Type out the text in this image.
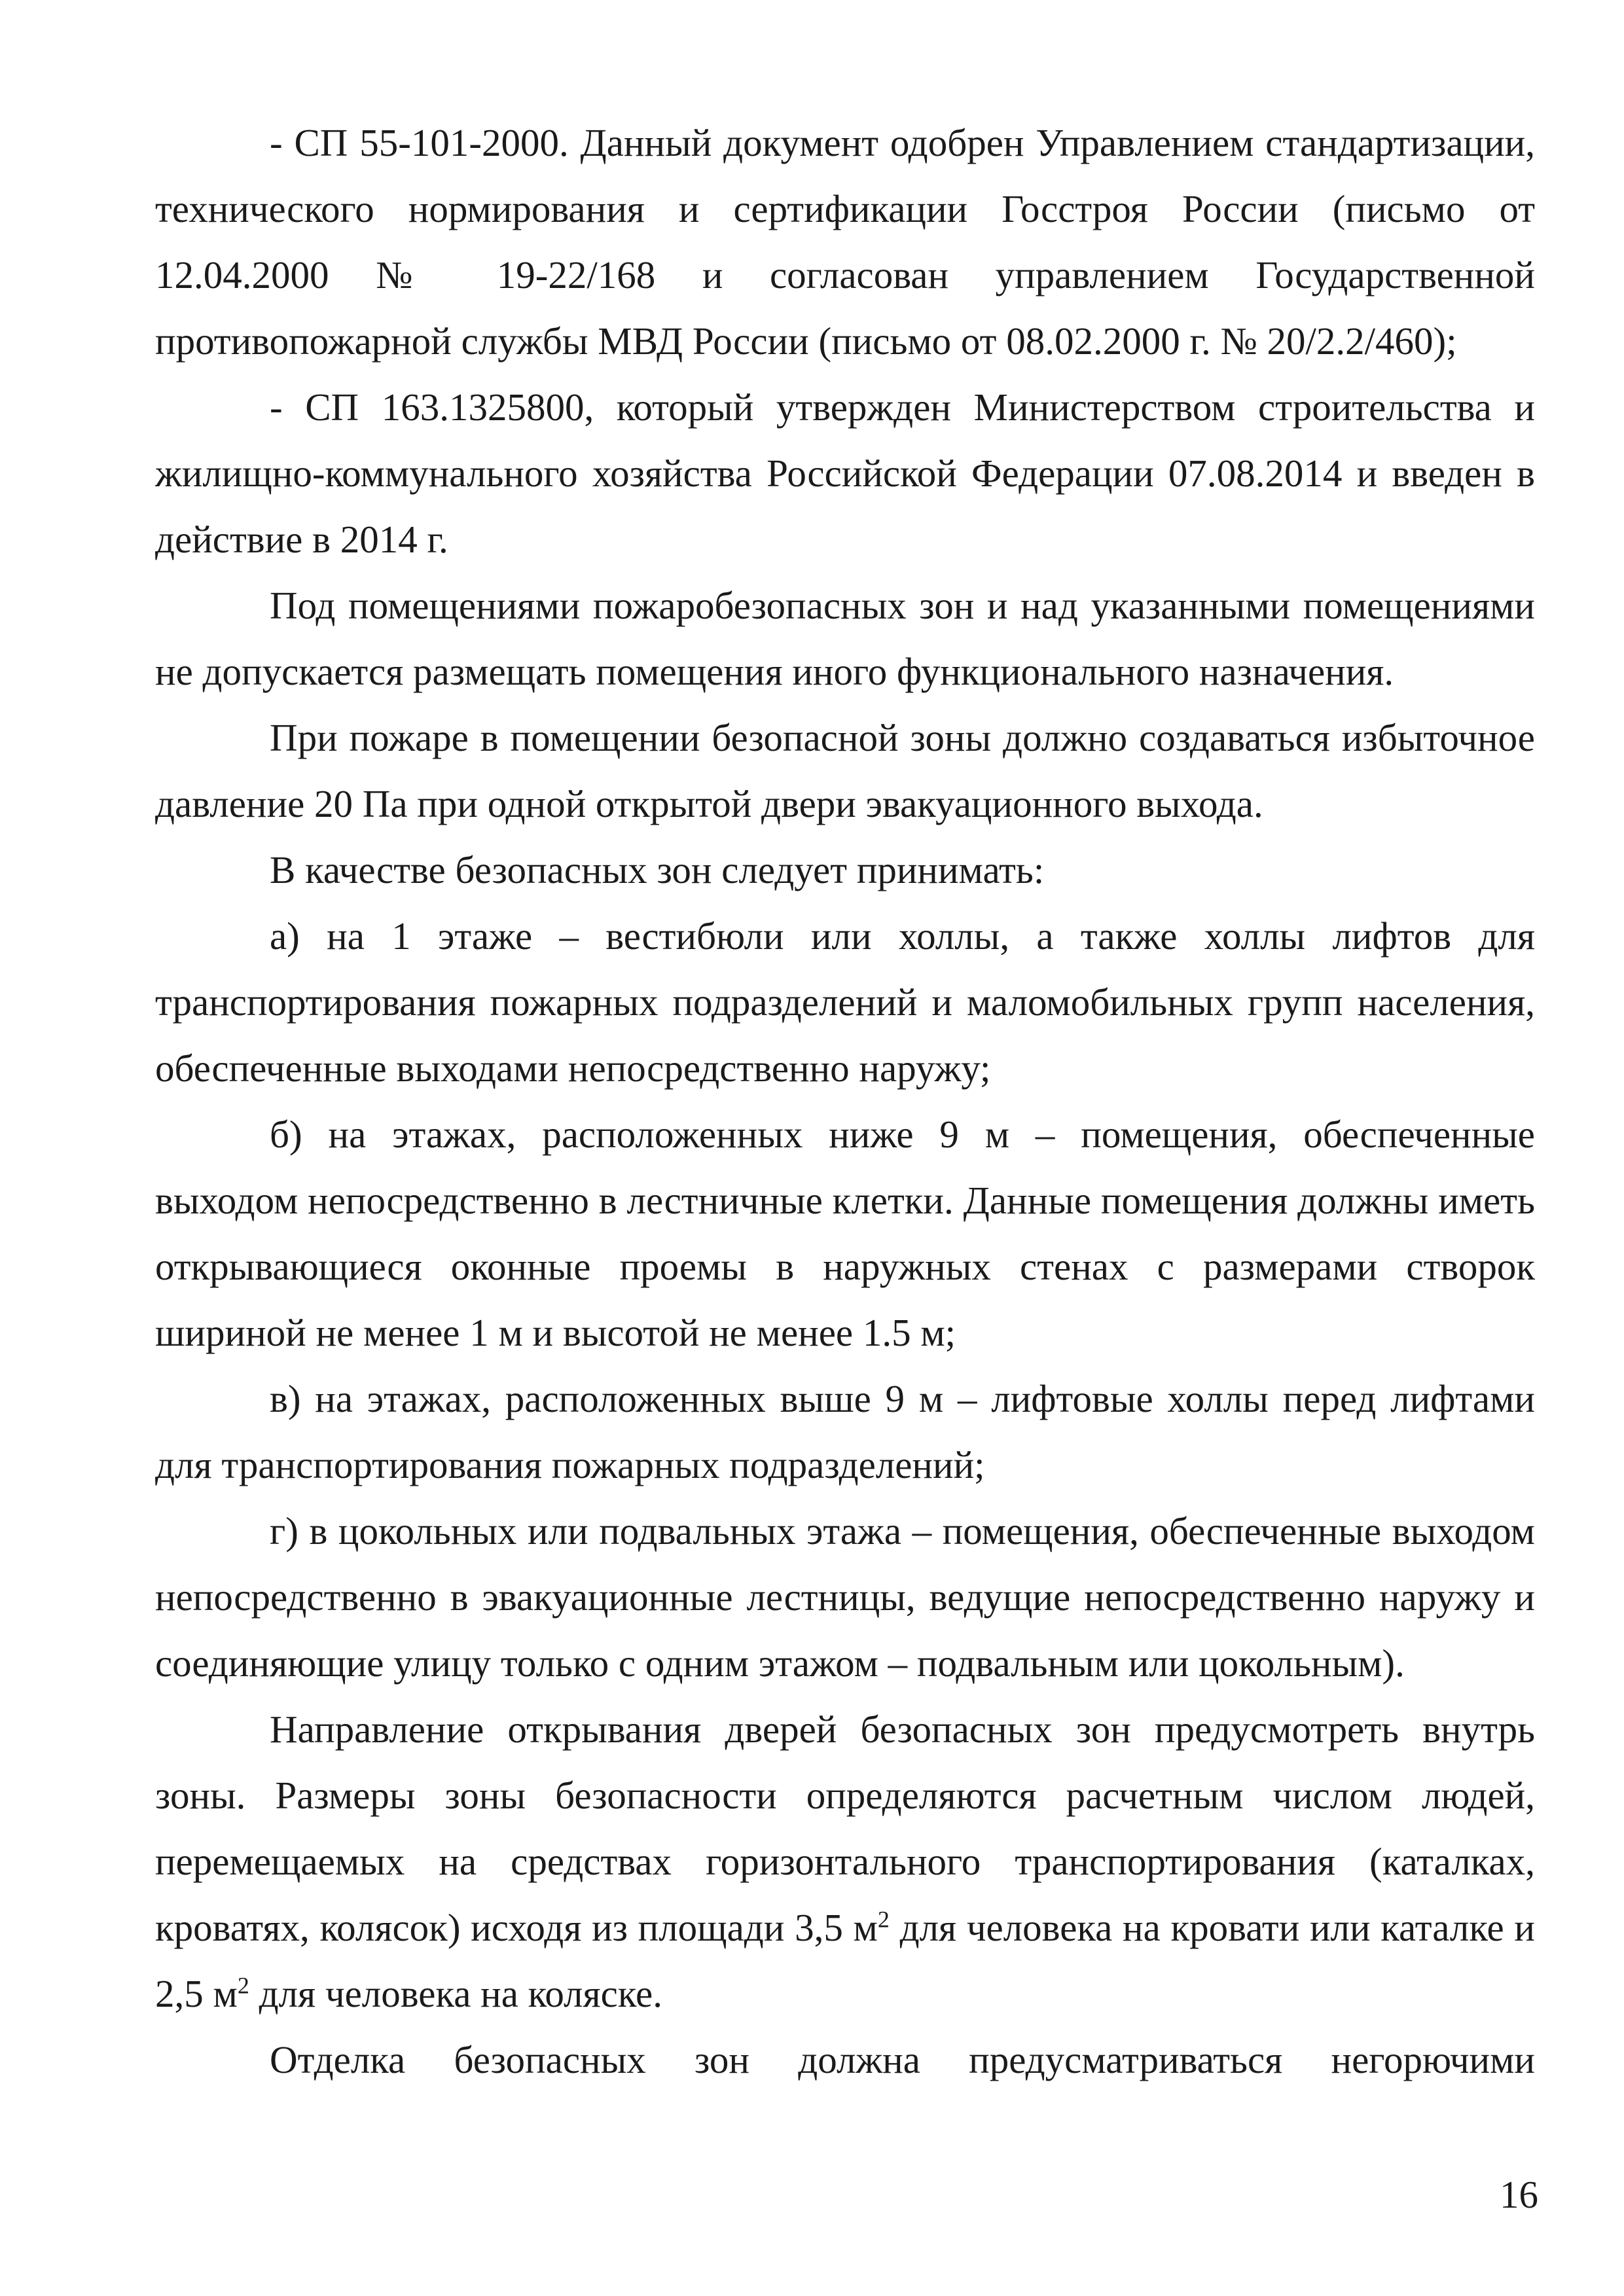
- СП 55-101-2000. Данный документ одобрен Управлением стандартизации, технического нормирования и сертификации Госстроя России (письмо от 12.04.2000 № 19-22/168 и согласован управлением Государственной противопожарной службы МВД России (письмо от 08.02.2000 г. № 20/2.2/460);

- СП 163.1325800, который утвержден Министерством строительства и жилищно-коммунального хозяйства Российской Федерации 07.08.2014 и введен в действие в 2014 г.

Под помещениями пожаробезопасных зон и над указанными помещениями не допускается размещать помещения иного функционального назначения.

При пожаре в помещении безопасной зоны должно создаваться избыточное давление 20 Па при одной открытой двери эвакуационного выхода.

В качестве безопасных зон следует принимать:

а) на 1 этаже – вестибюли или холлы, а также холлы лифтов для транспортирования пожарных подразделений и маломобильных групп населения, обеспеченные выходами непосредственно наружу;

б) на этажах, расположенных ниже 9 м – помещения, обеспеченные выходом непосредственно в лестничные клетки. Данные помещения должны иметь открывающиеся оконные проемы в наружных стенах с размерами створок шириной не менее 1 м и высотой не менее 1.5 м;

в) на этажах, расположенных выше 9 м – лифтовые холлы перед лифтами для транспортирования пожарных подразделений;

г) в цокольных или подвальных этажа – помещения, обеспеченные выходом непосредственно в эвакуационные лестницы, ведущие непосредственно наружу и соединяющие улицу только с одним этажом – подвальным или цокольным).

Направление открывания дверей безопасных зон предусмотреть внутрь зоны. Размеры зоны безопасности определяются расчетным числом людей, перемещаемых на средствах горизонтального транспортирования (каталках, кроватях, колясок) исходя из площади 3,5 $м^2$ для человека на кровати или каталке и 2,5 $м^2$ для человека на коляске.

Отделка безопасных зон должна предусматриваться негорючими

16
